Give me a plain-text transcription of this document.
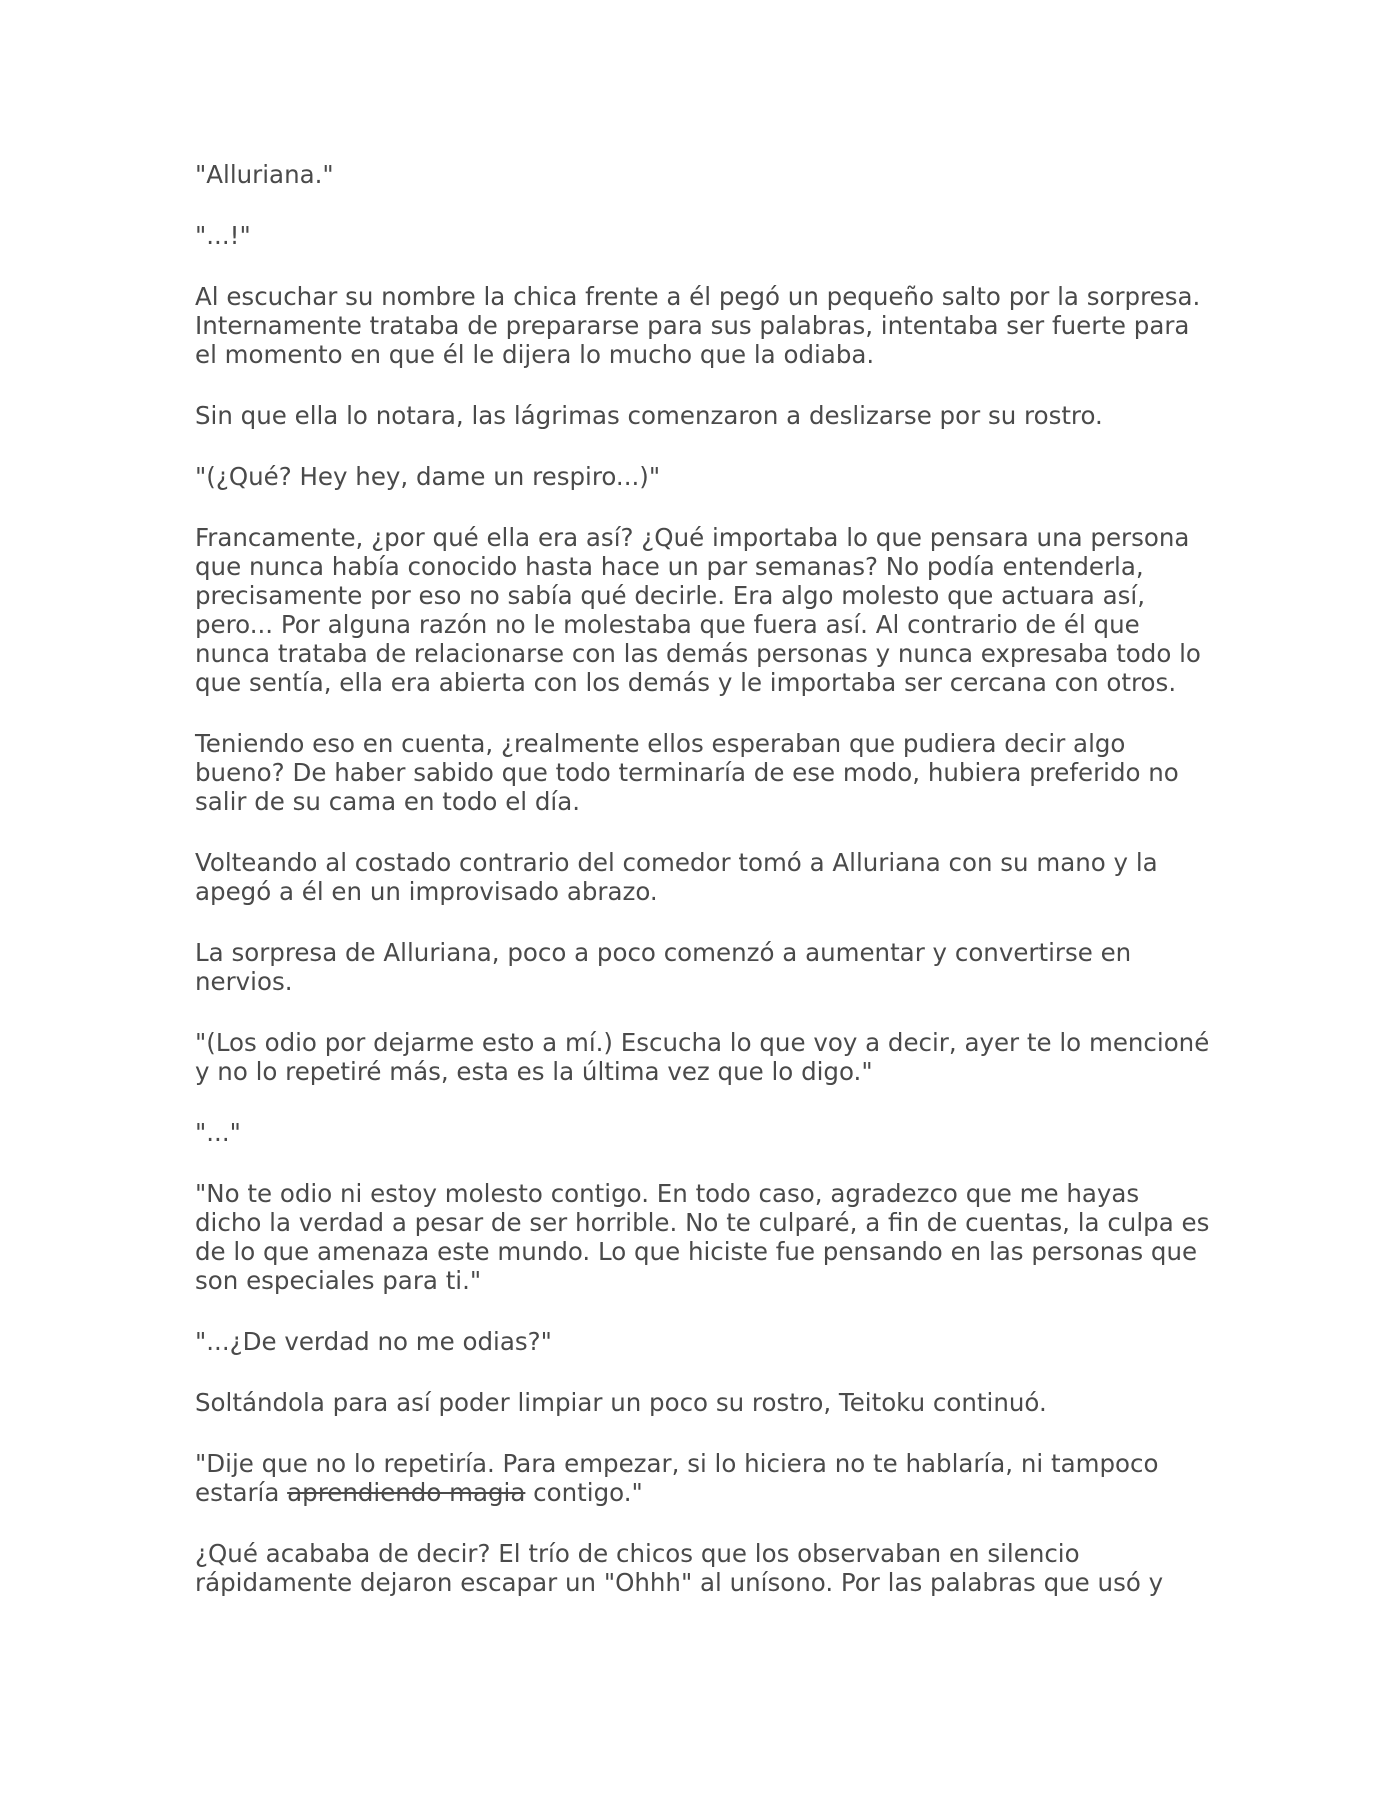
"Alluriana."

"...!"

Al escuchar su nombre la chica frente a él pegó un pequeño salto por la sorpresa. Internamente trataba de prepararse para sus palabras, intentaba ser fuerte para el momento en que él le dijera lo mucho que la odiaba.

Sin que ella lo notara, las lágrimas comenzaron a deslizarse por su rostro.

"(¿Qué? Hey hey, dame un respiro...)"

Francamente, ¿por qué ella era así? ¿Qué importaba lo que pensara una persona que nunca había conocido hasta hace un par semanas? No podía entenderla, precisamente por eso no sabía qué decirle. Era algo molesto que actuara así, pero... Por alguna razón no le molestaba que fuera así. Al contrario de él que nunca trataba de relacionarse con las demás personas y nunca expresaba todo lo que sentía, ella era abierta con los demás y le importaba ser cercana con otros.

Teniendo eso en cuenta, ¿realmente ellos esperaban que pudiera decir algo bueno? De haber sabido que todo terminaría de ese modo, hubiera preferido no salir de su cama en todo el día.

Volteando al costado contrario del comedor tomó a Alluriana con su mano y la apegó a él en un improvisado abrazo.

La sorpresa de Alluriana, poco a poco comenzó a aumentar y convertirse en nervios.

"(Los odio por dejarme esto a mí.) Escucha lo que voy a decir, ayer te lo mencioné y no lo repetiré más, esta es la última vez que lo digo."

"..."

"No te odio ni estoy molesto contigo. En todo caso, agradezco que me hayas dicho la verdad a pesar de ser horrible. No te culparé, a fin de cuentas, la culpa es de lo que amenaza este mundo. Lo que hiciste fue pensando en las personas que son especiales para ti."

"...¿De verdad no me odias?"

Soltándola para así poder limpiar un poco su rostro, Teitoku continuó.

"Dije que no lo repetiría. Para empezar, si lo hiciera no te hablaría, ni tampoco estaría aprendiendo magia contigo."

¿Qué acababa de decir? El trío de chicos que los observaban en silencio rápidamente dejaron escapar un "Ohhh" al unísono. Por las palabras que usó y
